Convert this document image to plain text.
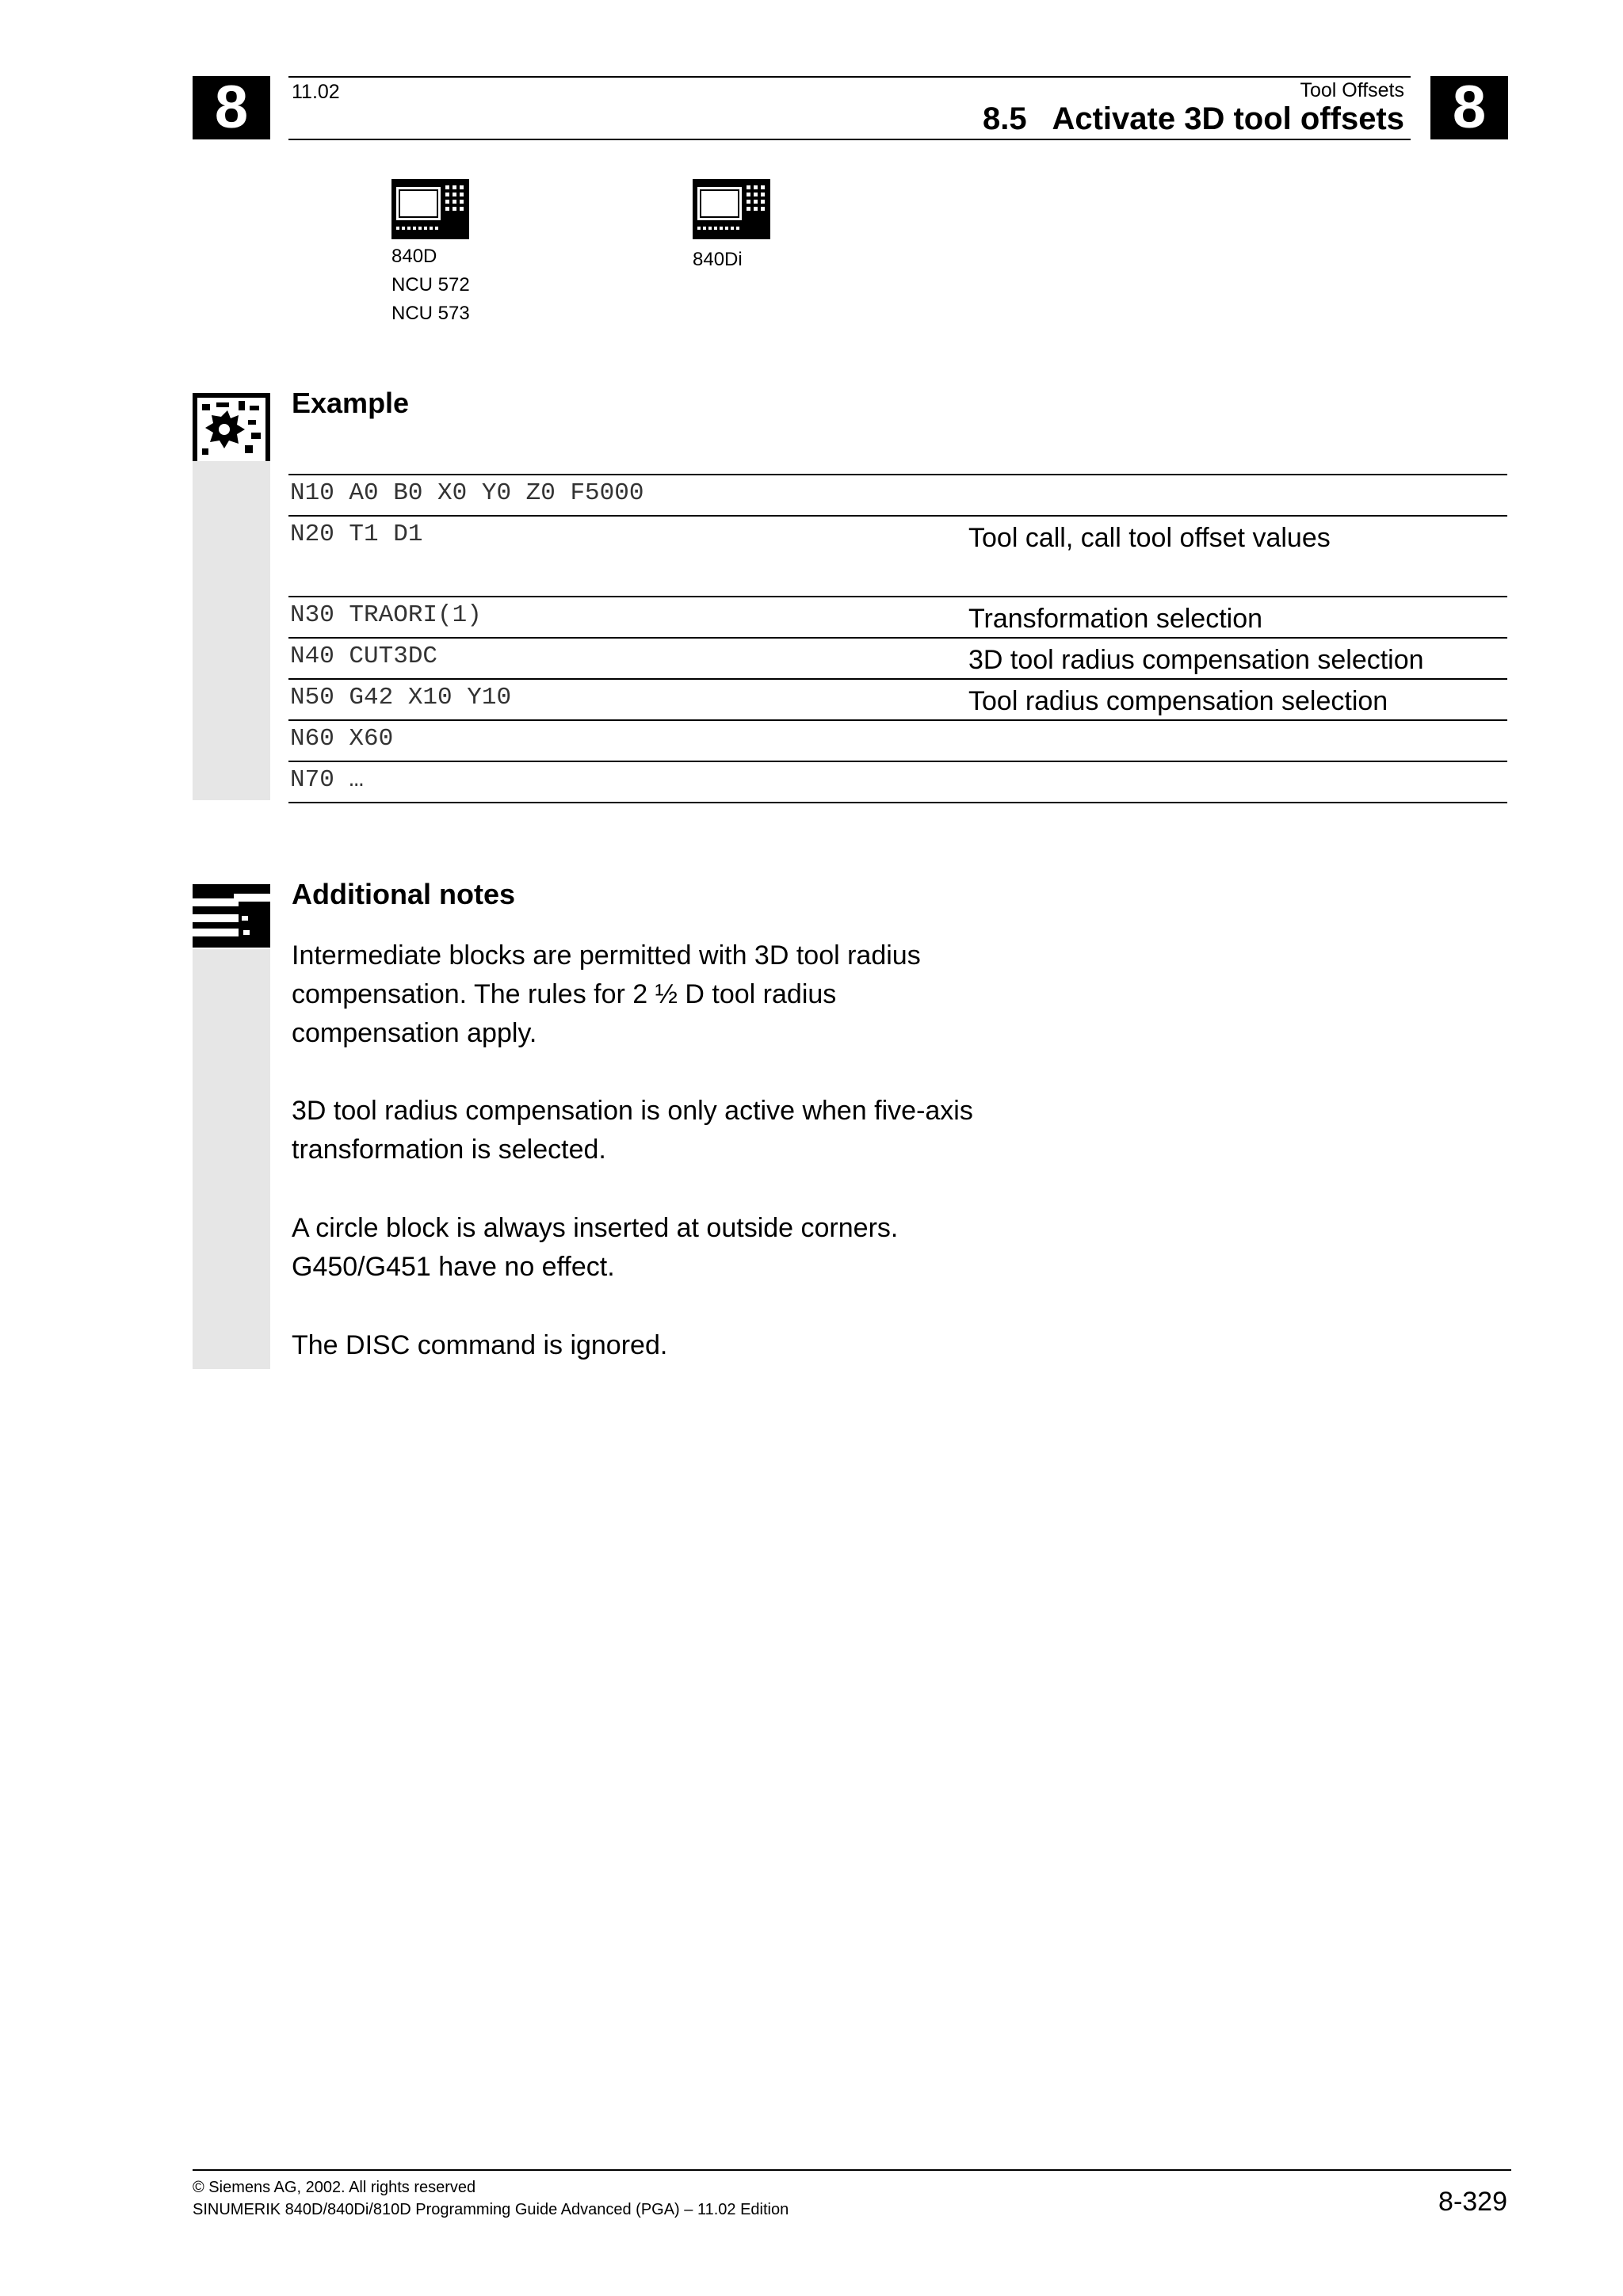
8	8
11.02	Tool Offsets
8.5 Activate 3D tool offsets
840D
NCU 572
NCU 573
840Di
Example
N10 A0 B0 X0 Y0 Z0 F5000
N20 T1 D1	Tool call, call tool offset values
N30 TRAORI(1)	Transformation selection
N40 CUT3DC	3D tool radius compensation selection
N50 G42 X10 Y10	Tool radius compensation selection
N60 X60
N70 …
Additional notes
Intermediate blocks are permitted with 3D tool radius compensation. The rules for 2 ½ D tool radius compensation apply.
3D tool radius compensation is only active when five-axis transformation is selected.
A circle block is always inserted at outside corners. G450/G451 have no effect.
The DISC command is ignored.
© Siemens AG, 2002. All rights reserved
SINUMERIK 840D/840Di/810D Programming Guide Advanced (PGA) – 11.02 Edition	8-329
